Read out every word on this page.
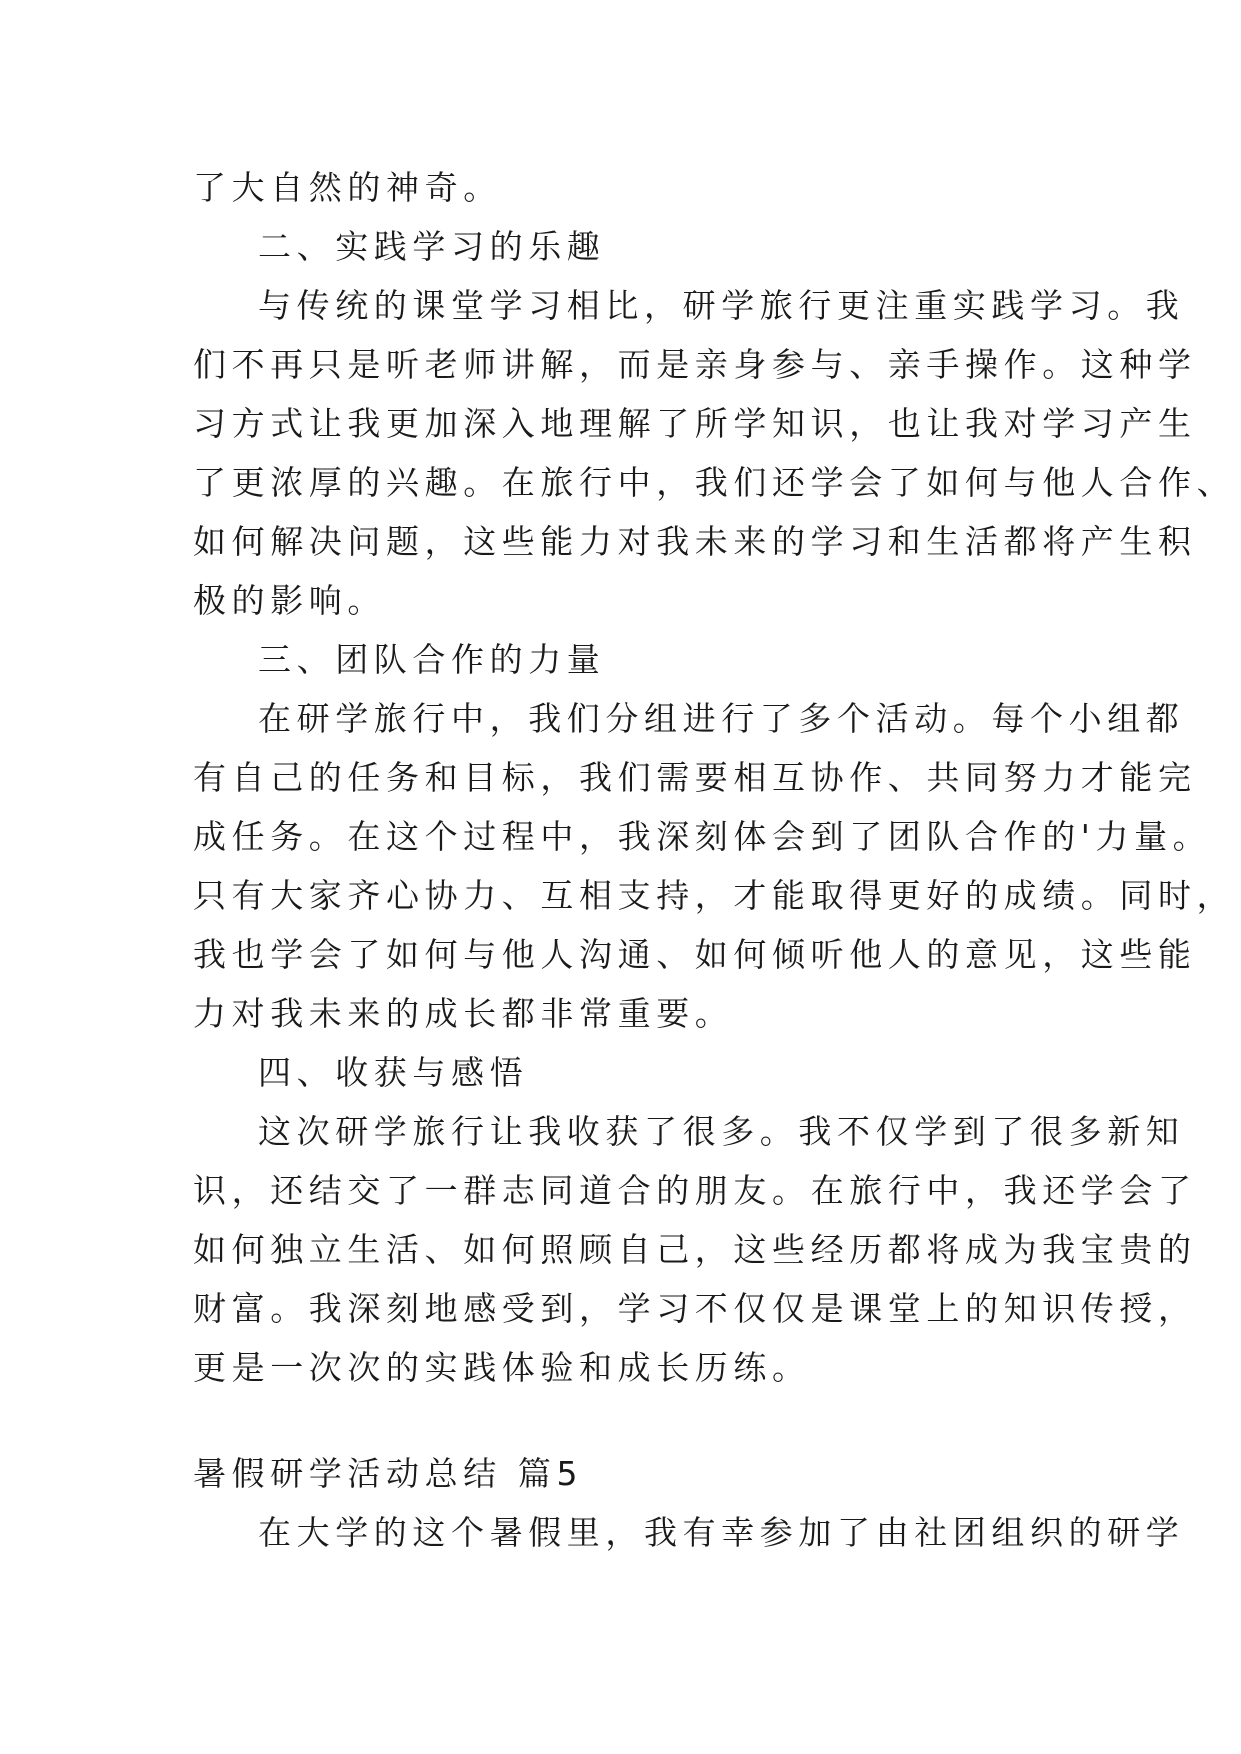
了大自然的神奇。
二、实践学习的乐趣
与传统的课堂学习相比，研学旅行更注重实践学习。我
们不再只是听老师讲解，而是亲身参与、亲手操作。这种学
习方式让我更加深入地理解了所学知识，也让我对学习产生
了更浓厚的兴趣。在旅行中，我们还学会了如何与他人合作、
如何解决问题，这些能力对我未来的学习和生活都将产生积
极的影响。
三、团队合作的力量
在研学旅行中，我们分组进行了多个活动。每个小组都
有自己的任务和目标，我们需要相互协作、共同努力才能完
成任务。在这个过程中，我深刻体会到了团队合作的'力量。
只有大家齐心协力、互相支持，才能取得更好的成绩。同时，
我也学会了如何与他人沟通、如何倾听他人的意见，这些能
力对我未来的成长都非常重要。
四、收获与感悟
这次研学旅行让我收获了很多。我不仅学到了很多新知
识，还结交了一群志同道合的朋友。在旅行中，我还学会了
如何独立生活、如何照顾自己，这些经历都将成为我宝贵的
财富。我深刻地感受到，学习不仅仅是课堂上的知识传授，
更是一次次的实践体验和成长历练。
暑假研学活动总结 篇5
在大学的这个暑假里，我有幸参加了由社团组织的研学
